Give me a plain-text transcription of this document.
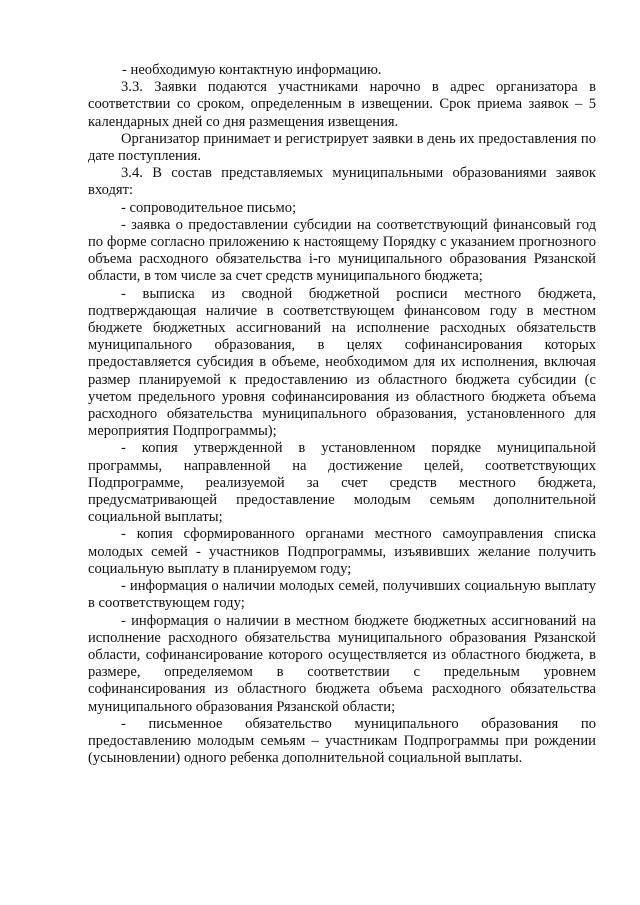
- необходимую контактную информацию.

3.3. Заявки подаются участниками нарочно в адрес организатора в соответствии со сроком, определенным в извещении. Срок приема заявок – 5 календарных дней со дня размещения извещения.

Организатор принимает и регистрирует заявки в день их предоставления по дате поступления.

3.4. В состав представляемых муниципальными образованиями заявок входят:

- сопроводительное письмо;

- заявка о предоставлении субсидии на соответствующий финансовый год по форме согласно приложению к настоящему Порядку с указанием прогнозного объема расходного обязательства i-го муниципального образования Рязанской области, в том числе за счет средств муниципального бюджета;

- выписка из сводной бюджетной росписи местного бюджета, подтверждающая наличие в соответствующем финансовом году в местном бюджете бюджетных ассигнований на исполнение расходных обязательств муниципального образования, в целях софинансирования которых предоставляется субсидия в объеме, необходимом для их исполнения, включая размер планируемой к предоставлению из областного бюджета субсидии (с учетом предельного уровня софинансирования из областного бюджета объема расходного обязательства муниципального образования, установленного для мероприятия Подпрограммы);

- копия утвержденной в установленном порядке муниципальной программы, направленной на достижение целей, соответствующих Подпрограмме, реализуемой за счет средств местного бюджета, предусматривающей предоставление молодым семьям дополнительной социальной выплаты;

- копия сформированного органами местного самоуправления списка молодых семей - участников Подпрограммы, изъявивших желание получить социальную выплату в планируемом году;

- информация о наличии молодых семей, получивших социальную выплату в соответствующем году;

- информация о наличии в местном бюджете бюджетных ассигнований на исполнение расходного обязательства муниципального образования Рязанской области, софинансирование которого осуществляется из областного бюджета, в размере, определяемом в соответствии с предельным уровнем софинансирования из областного бюджета объема расходного обязательства муниципального образования Рязанской области;

- письменное обязательство муниципального образования по предоставлению молодым семьям – участникам Подпрограммы при рождении (усыновлении) одного ребенка дополнительной социальной выплаты.
